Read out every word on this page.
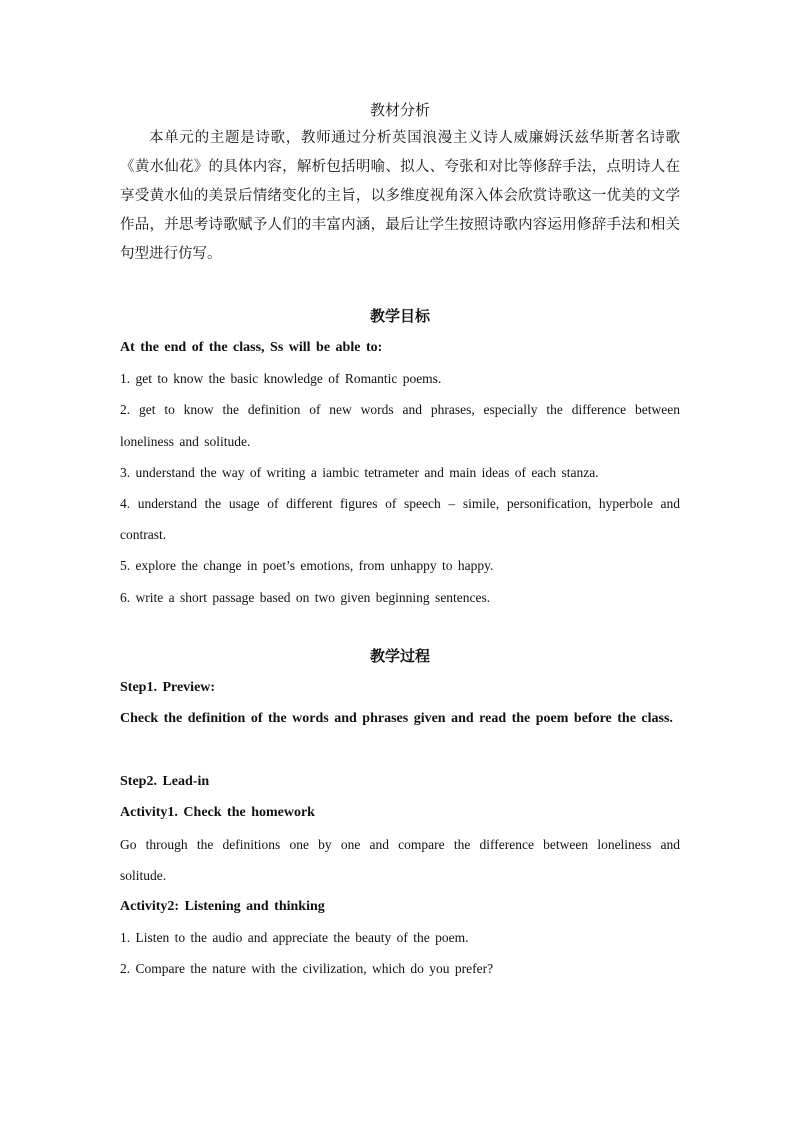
教材分析

本单元的主题是诗歌，教师通过分析英国浪漫主义诗人威廉姆沃兹华斯著名诗歌《黄水仙花》的具体内容，解析包括明喻、拟人、夸张和对比等修辞手法，点明诗人在享受黄水仙的美景后情绪变化的主旨，以多维度视角深入体会欣赏诗歌这一优美的文学作品，并思考诗歌赋予人们的丰富内涵，最后让学生按照诗歌内容运用修辞手法和相关句型进行仿写。

教学目标

At the end of the class, Ss will be able to:

1. get to know the basic knowledge of Romantic poems.

2. get to know the definition of new words and phrases, especially the difference between loneliness and solitude.

3. understand the way of writing a iambic tetrameter and main ideas of each stanza.

4. understand the usage of different figures of speech – simile, personification, hyperbole and contrast.

5. explore the change in poet’s emotions, from unhappy to happy.

6. write a short passage based on two given beginning sentences.

教学过程

Step1. Preview:

Check the definition of the words and phrases given and read the poem before the class.

Step2. Lead-in

Activity1. Check the homework

Go through the definitions one by one and compare the difference between loneliness and solitude.

Activity2: Listening and thinking

1. Listen to the audio and appreciate the beauty of the poem.

2. Compare the nature with the civilization, which do you prefer?
